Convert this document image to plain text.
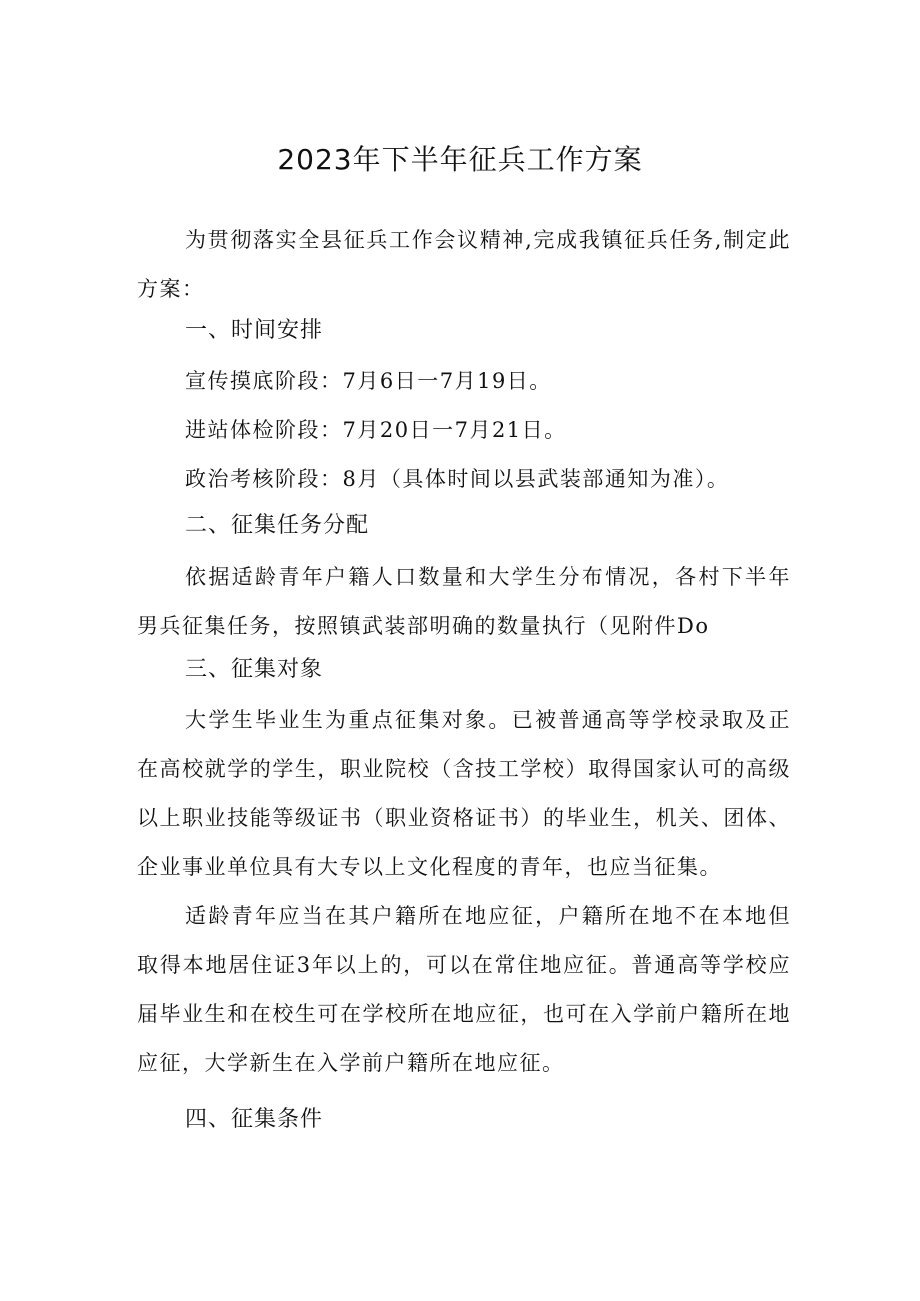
2023年下半年征兵工作方案

为贯彻落实全县征兵工作会议精神,完成我镇征兵任务,制定此方案：

一、时间安排

宣传摸底阶段：7月6日一7月19日。

进站体检阶段：7月20日一7月21日。

政治考核阶段：8月（具体时间以县武装部通知为准）。

二、征集任务分配

依据适龄青年户籍人口数量和大学生分布情况，各村下半年男兵征集任务，按照镇武装部明确的数量执行（见附件Do

三、征集对象

大学生毕业生为重点征集对象。已被普通高等学校录取及正在高校就学的学生，职业院校（含技工学校）取得国家认可的高级以上职业技能等级证书（职业资格证书）的毕业生，机关、团体、企业事业单位具有大专以上文化程度的青年，也应当征集。

适龄青年应当在其户籍所在地应征，户籍所在地不在本地但取得本地居住证3年以上的，可以在常住地应征。普通高等学校应届毕业生和在校生可在学校所在地应征，也可在入学前户籍所在地应征，大学新生在入学前户籍所在地应征。

四、征集条件
